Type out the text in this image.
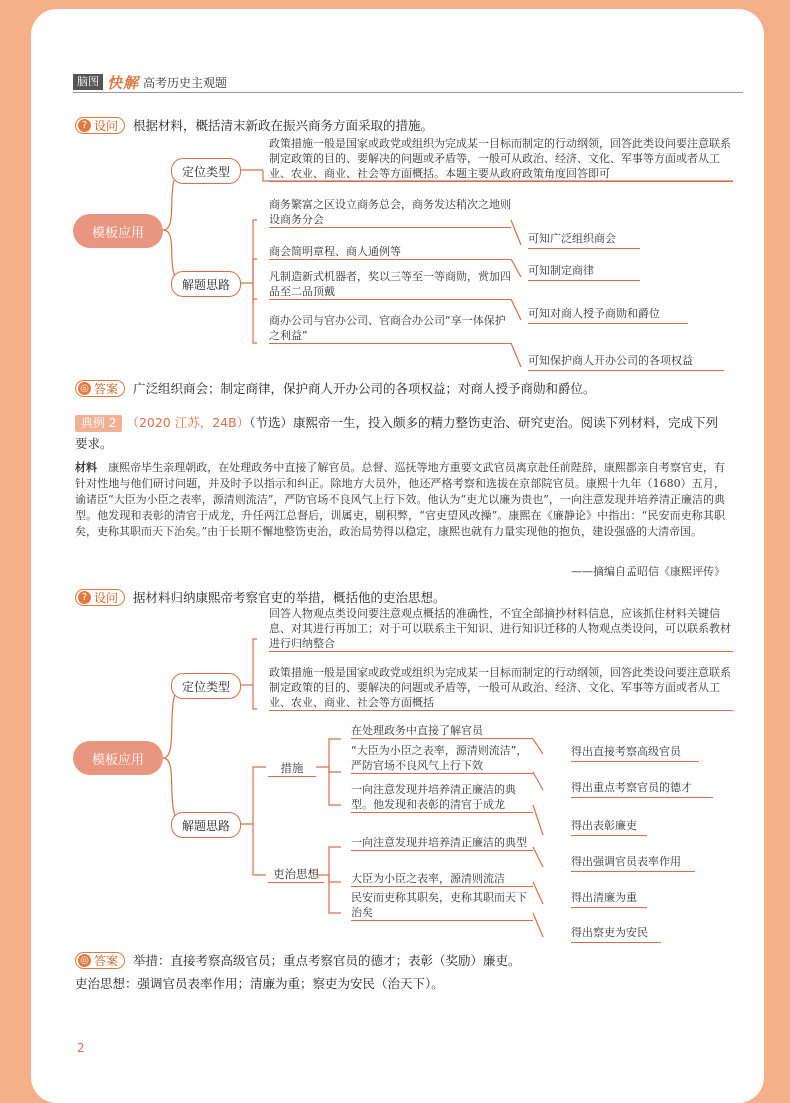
脑图 快解 高考历史主观题
? 设问 根据材料，概括清末新政在振兴商务方面采取的措施。
模板应用
定位类型
政策措施一般是国家或政党或组织为完成某一目标而制定的行动纲领，回答此类设问要注意联系制定政策的目的、要解决的问题或矛盾等，一般可从政治、经济、文化、军事等方面或者从工业、农业、商业、社会等方面概括。本题主要从政府政策角度回答即可
解题思路
商务繁富之区设立商务总会，商务发达稍次之地则设商务分会
商会简明章程、商人通例等
凡制造新式机器者，奖以三等至一等商勋，赏加四品至二品顶戴
商办公司与官办公司、官商合办公司“享一体保护之利益”
可知广泛组织商会
可知制定商律
可知对商人授予商勋和爵位
可知保护商人开办公司的各项权益
◎ 答案 广泛组织商会；制定商律，保护商人开办公司的各项权益；对商人授予商勋和爵位。
典例 2 （2020 江苏，24B）（节选）康熙帝一生，投入颇多的精力整饬吏治、研究吏治。阅读下列材料，完成下列要求。
材料　 康熙帝毕生亲理朝政，在处理政务中直接了解官员。总督、巡抚等地方重要文武官员离京赴任前陛辞，康熙都亲自考察官吏，有针对性地与他们研讨问题，并及时予以指示和纠正。除地方大员外，他还严格考察和选拔在京部院官员。康熙十九年（1680）五月，谕诸臣“大臣为小臣之表率，源清则流洁”，严防官场不良风气上行下效。他认为“吏尤以廉为贵也”，一向注意发现并培养清正廉洁的典型。他发现和表彰的清官于成龙，升任两江总督后，训属吏，剔积弊，“官吏望风改操”。康熙在《廉静论》中指出：“民安而吏称其职矣，吏称其职而天下治矣。”由于长期不懈地整饬吏治，政治局势得以稳定，康熙也就有力量实现他的抱负，建设强盛的大清帝国。
——摘编自孟昭信《康熙评传》
? 设问 据材料归纳康熙帝考察官吏的举措，概括他的吏治思想。
模板应用
定位类型
回答人物观点类设问要注意观点概括的准确性，不宜全部摘抄材料信息，应该抓住材料关键信息、对其进行再加工；对于可以联系主干知识、进行知识迁移的人物观点类设问，可以联系教材进行归纳整合
政策措施一般是国家或政党或组织为完成某一目标而制定的行动纲领，回答此类设问要注意联系制定政策的目的、要解决的问题或矛盾等，一般可从政治、经济、文化、军事等方面或者从工业、农业、商业、社会等方面概括
解题思路
措施
吏治思想
在处理政务中直接了解官员
“大臣为小臣之表率，源清则流洁”，严防官场不良风气上行下效
一向注意发现并培养清正廉洁的典型。他发现和表彰的清官于成龙
一向注意发现并培养清正廉洁的典型
大臣为小臣之表率，源清则流洁
民安而吏称其职矣，吏称其职而天下治矣
得出直接考察高级官员
得出重点考察官员的德才
得出表彰廉吏
得出强调官员表率作用
得出清廉为重
得出察吏为安民
◎ 答案 举措：直接考察高级官员；重点考察官员的德才；表彰（奖励）廉吏。
吏治思想：强调官员表率作用；清廉为重；察吏为安民（治天下）。
2
